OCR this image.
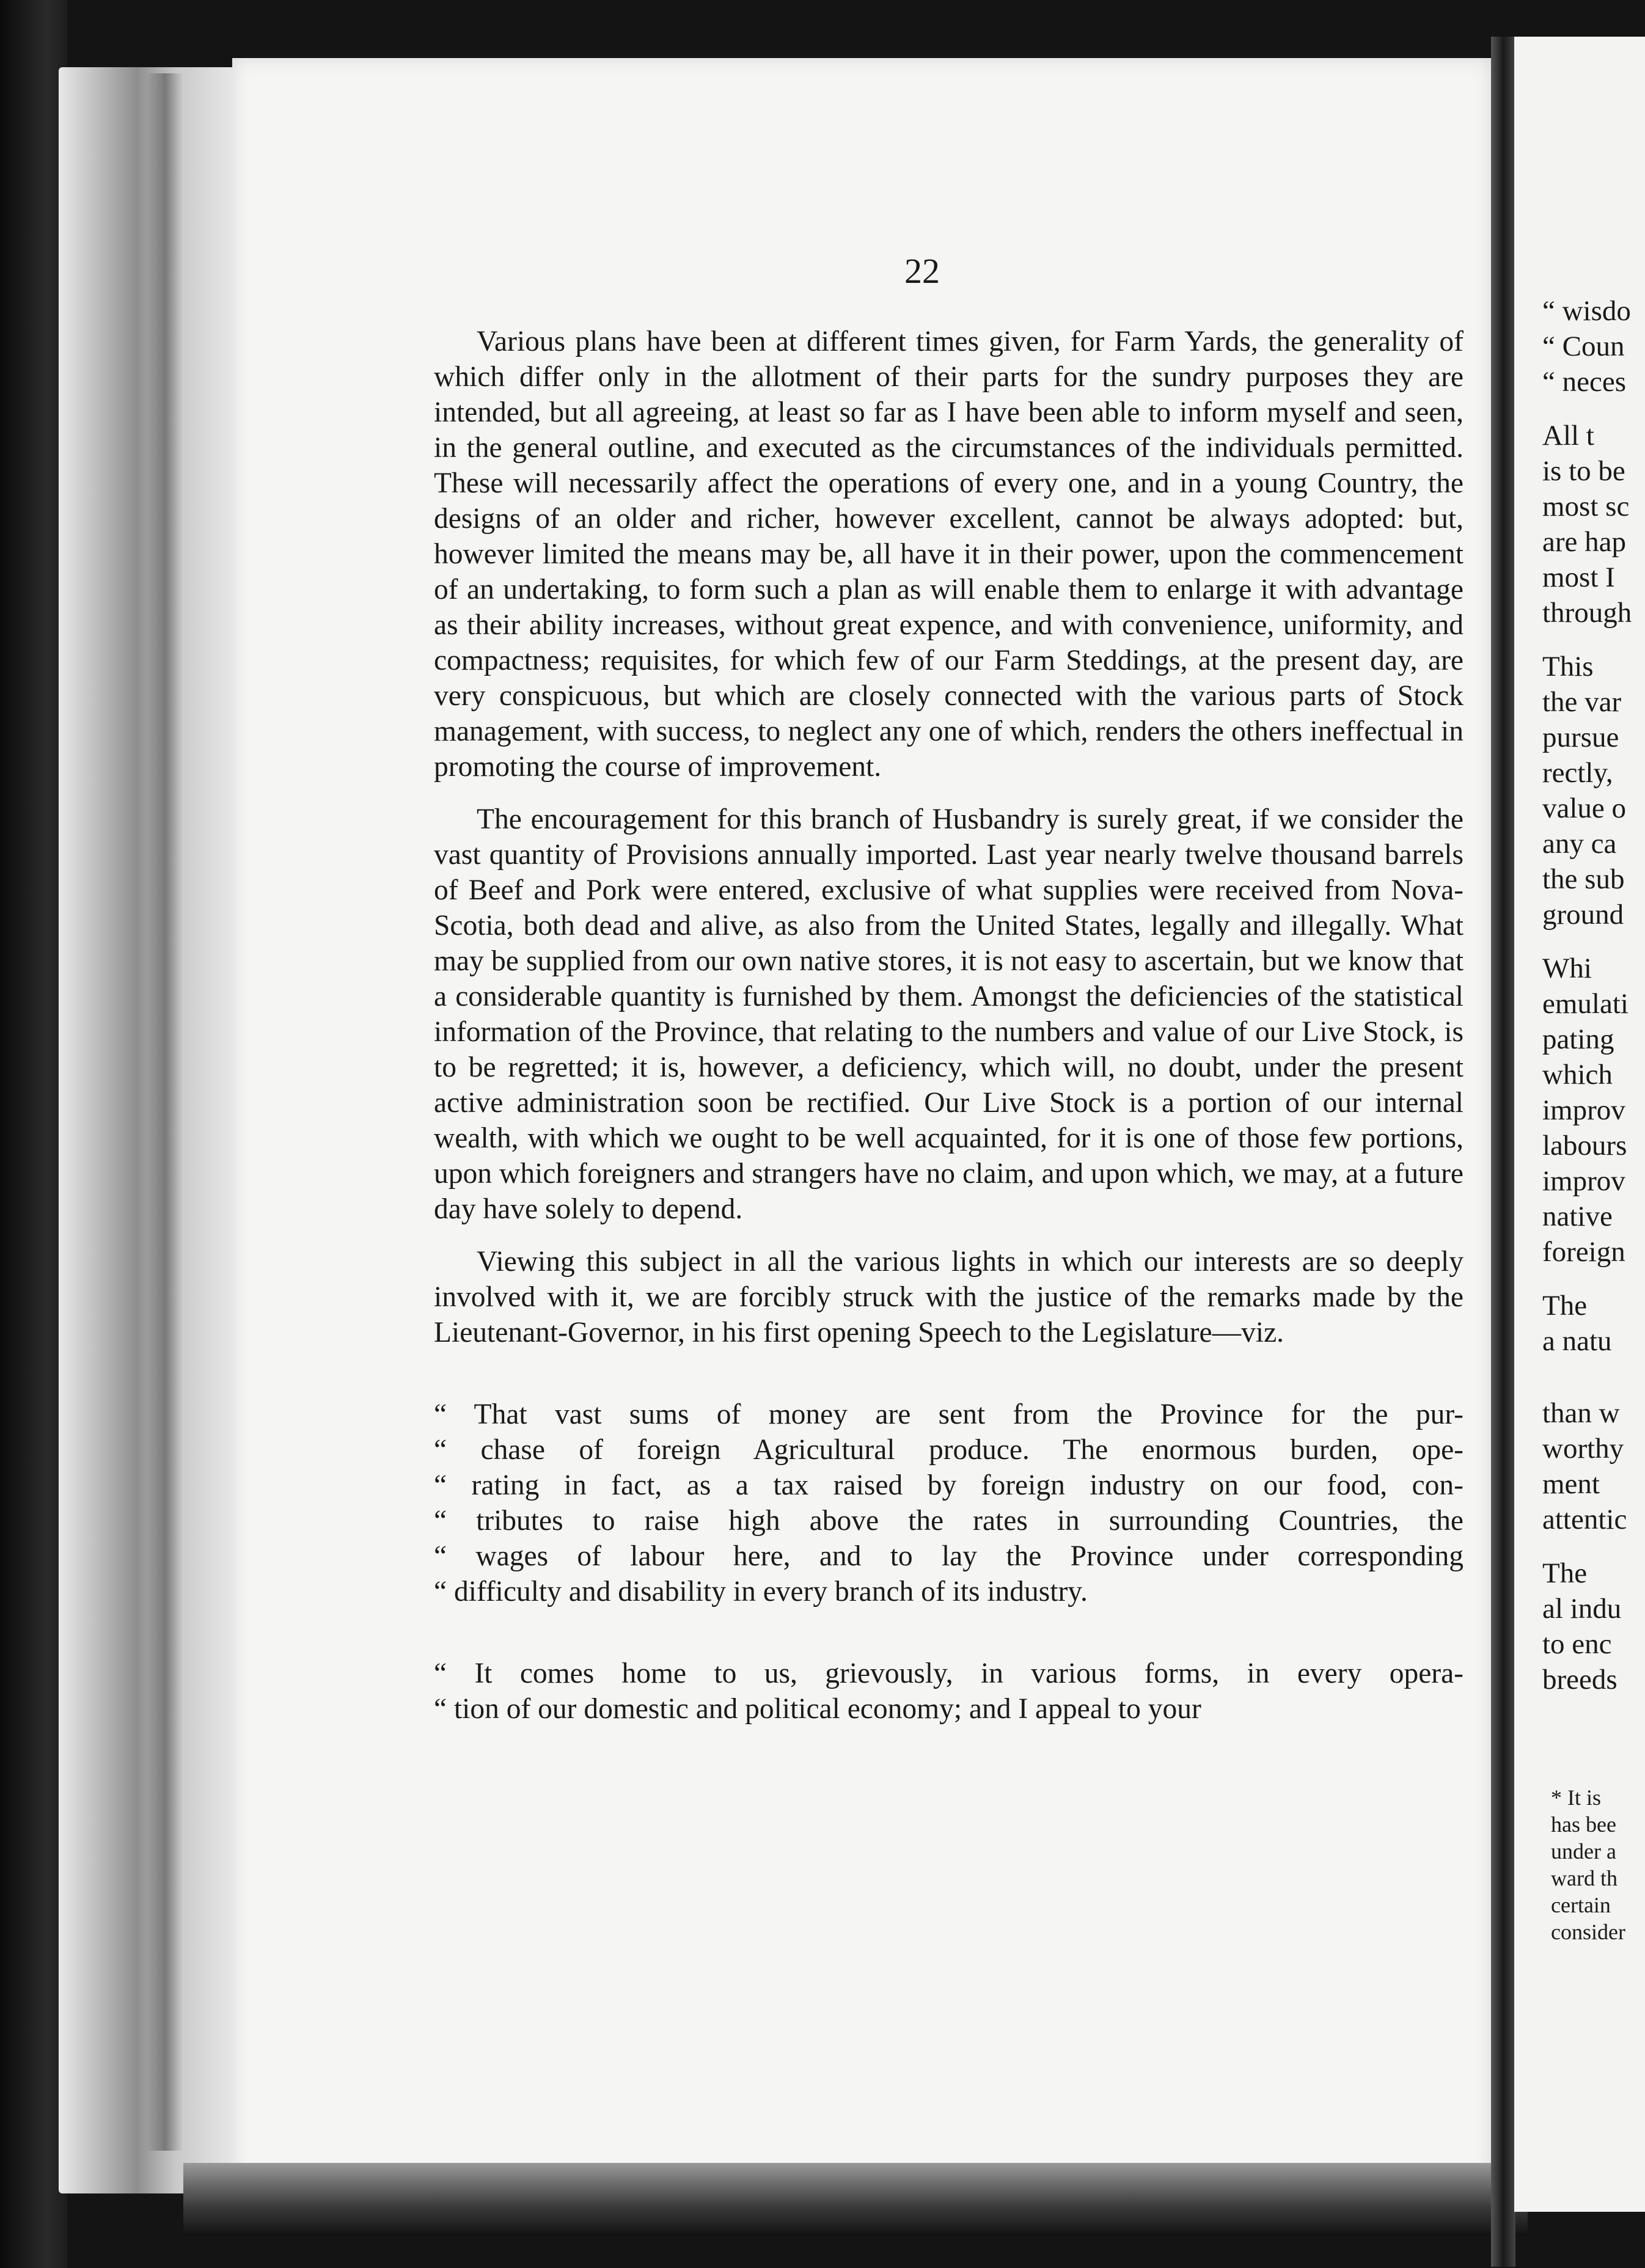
22

Various plans have been at different times given, for Farm Yards, the generality of which differ only in the allotment of their parts for the sundry purposes they are intended, but all agreeing, at least so far as I have been able to inform myself and seen, in the general outline, and executed as the circumstances of the individuals permitted. These will necessarily affect the operations of every one, and in a young Country, the designs of an older and richer, however excellent, cannot be always adopted: but, however limited the means may be, all have it in their power, upon the commencement of an undertaking, to form such a plan as will enable them to enlarge it with advantage as their ability increases, without great expence, and with convenience, uniformity, and compactness; requisites, for which few of our Farm Steddings, at the present day, are very conspicuous, but which are closely connected with the various parts of Stock management, with success, to neglect any one of which, renders the others ineffectual in promoting the course of improvement.

The encouragement for this branch of Husbandry is surely great, if we consider the vast quantity of Provisions annually imported. Last year nearly twelve thousand barrels of Beef and Pork were entered, exclusive of what supplies were received from Nova-Scotia, both dead and alive, as also from the United States, legally and illegally. What may be supplied from our own native stores, it is not easy to ascertain, but we know that a considerable quantity is furnished by them. Amongst the deficiencies of the statistical information of the Province, that relating to the numbers and value of our Live Stock, is to be regretted; it is, however, a deficiency, which will, no doubt, under the present active administration soon be rectified. Our Live Stock is a portion of our internal wealth, with which we ought to be well acquainted, for it is one of those few portions, upon which foreigners and strangers have no claim, and upon which, we may, at a future day have solely to depend.

Viewing this subject in all the various lights in which our interests are so deeply involved with it, we are forcibly struck with the justice of the remarks made by the Lieutenant-Governor, in his first opening Speech to the Legislature—viz.

“ That vast sums of money are sent from the Province for the pur-
“ chase of foreign Agricultural produce. The enormous burden, ope-
“ rating in fact, as a tax raised by foreign industry on our food, con-
“ tributes to raise high above the rates in surrounding Countries, the
“ wages of labour here, and to lay the Province under corresponding
“ difficulty and disability in every branch of its industry.

“ It comes home to us, grievously, in various forms, in every opera-
“ tion of our domestic and political economy; and I appeal to your

“ wisdo
“ Coun
“ neces
All t
is to be
most sc
are hap
most I
through
This
the var
pursue
rectly,
value o
any ca
the sub
ground
Whi
emulati
pating
which
improv
labours
improv
native
foreign
The
a natu
than w
worthy
ment
attentic
The
al indu
to enc
breeds
* It is
has bee
under a
ward th
certain
consider
